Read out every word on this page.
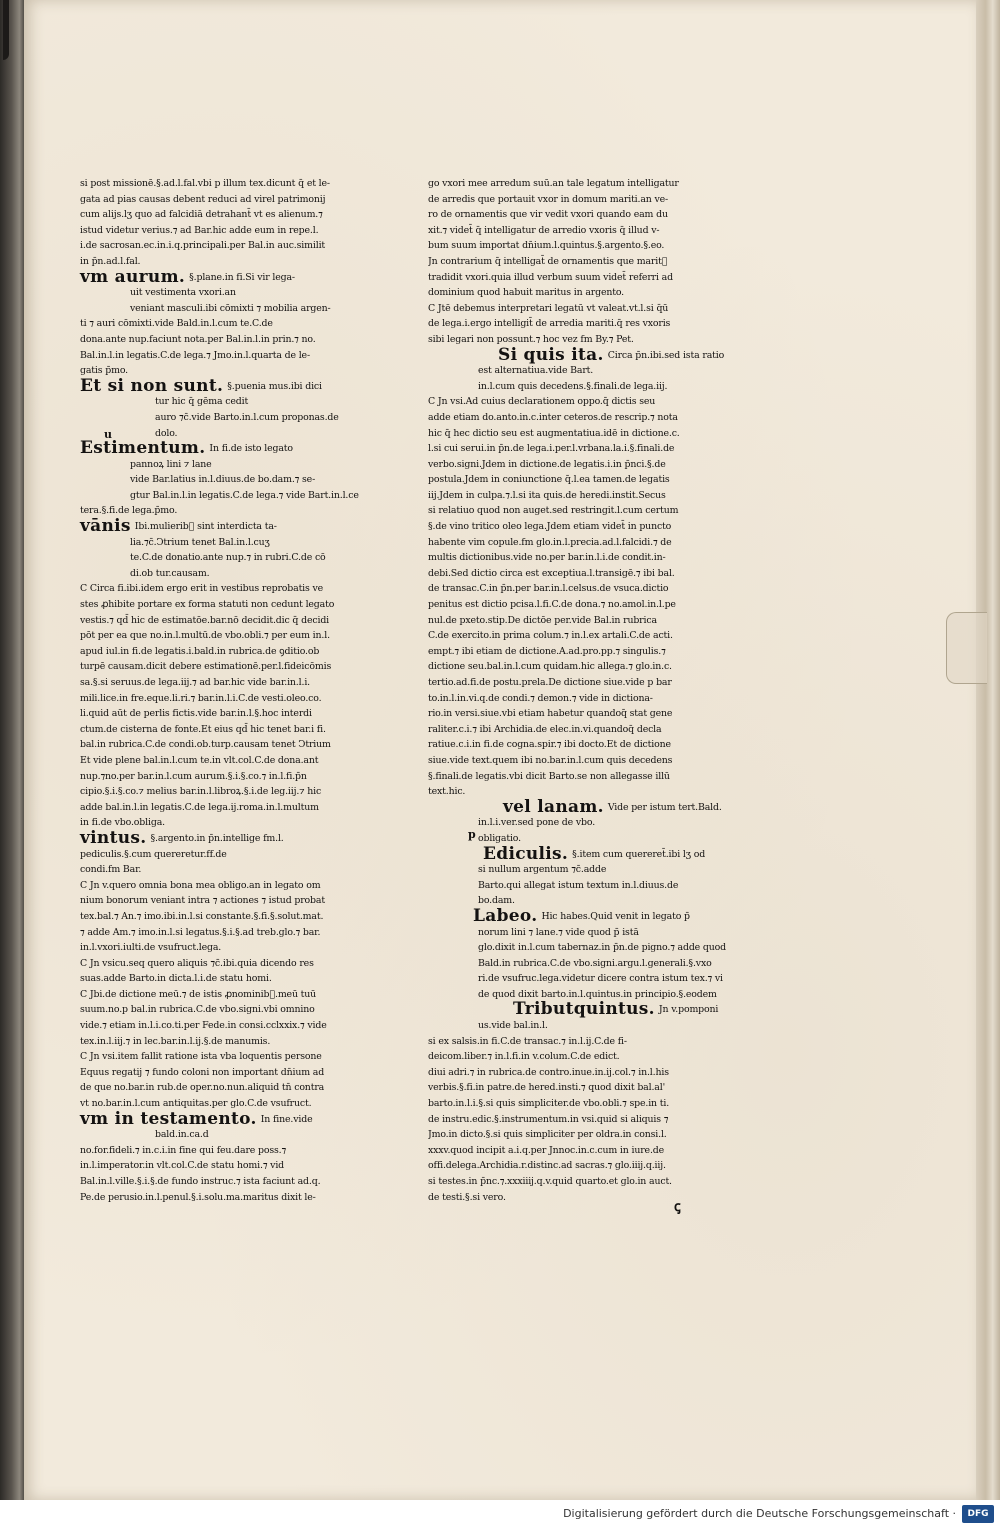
si post missionē.§.ad.l.fal.vbi p illum tex.dicunt q̄ et le-
gata ad pias causas debent reduci ad virel patrimonij
cum alijs.lʒ quo ad falcidiā detrahant̄ vt es alienum.⁊
istud videtur verius.⁊ ad Bar.hic adde eum in repe.l.
i.de sacrosan.ec.in.i.q.principali.per Bal.in auc.similit
in p̄n.ad.l.fal.
vm aurum. §.plane.in fi.Si vir lega-
uit vestimenta vxori.an
veniant masculi.ibi cōmixti ⁊ mobilia argen-
ti ⁊ auri cōmixti.vide Bald.in.l.cum te.C.de
dona.ante nup.faciunt nota.per Bal.in.l.in prin.⁊ no.
Bal.in.l.in legatis.C.de lega.⁊ Jmo.in.l.quarta de le-
gatis p̄mo.
Et si non sunt. §.puenia mus.ibi dici
tur hic q̄ gēma cedit
auro ⁊c̄.vide Barto.in.l.cum proponas.de
dolo.
Estimentum. In fi.de isto legato
pannoꝝ lini ⁊ lane
vide Bar.latius in.l.diuus.de bo.dam.⁊ se-
gtur Bal.in.l.in legatis.C.de lega.⁊ vide Bart.in.l.ce
tera.§.fi.de lega.p̄mo.
vānis Ibi.mulierib᷑ sint interdicta ta-
lia.⁊c̄.Ↄtrium tenet Bal.in.l.cuʒ
te.C.de donatio.ante nup.⁊ in rubri.C.de cō
di.ob tur.causam.
C Circa fi.ibi.idem ergo erit in vestibus reprobatis ve
stes ꝓhibite portare ex forma statuti non cedunt legato
vestis.⁊ qd̄ hic de estimatōe.bar.nō decidit.dic q̄ decidi
pōt per ea que no.in.l.multū.de vbo.obli.⁊ per eum in.l.
apud iul.in fi.de legatis.i.bald.in rubrica.de ꝯditio.ob
turpē causam.dicit debere estimationē.per.l.fideicōmis
sa.§.si seruus.de lega.iij.⁊ ad bar.hic vide bar.in.l.i.
mili.lice.in fre.eque.li.ri.⁊ bar.in.l.i.C.de vesti.oleo.co.
li.quid aūt de perlis fictis.vide bar.in.l.§.hoc interdi
ctum.de cisterna de fonte.Et eius qd̄ hic tenet bar.i fi.
bal.in rubrica.C.de condi.ob.turp.causam tenet Ↄtrium
Et vide plene bal.in.l.cum te.in vlt.col.C.de dona.ant
nup.⁊no.per bar.in.l.cum aurum.§.i.§.co.⁊ in.l.fi.p̄n
cipio.§.i.§.co.⁊ melius bar.in.l.libroꝝ.§.i.de leg.iij.⁊ hic
adde bal.in.l.in legatis.C.de lega.ij.roma.in.l.multum
in fi.de vbo.obliga.
vintus. §.argento.in p̄n.intellige fm.l.
pediculis.§.cum quereretur.ff.de
condi.fm Bar.
C Jn v.quero omnia bona mea obligo.an in legato om
nium bonorum veniant intra ⁊ actiones ⁊ istud probat
tex.bal.⁊ An.⁊ imo.ibi.in.l.si constante.§.fi.§.solut.mat.
⁊ adde Am.⁊ imo.in.l.si legatus.§.i.§.ad treb.glo.⁊ bar.
in.l.vxori.iulti.de vsufruct.lega.
C Jn vsicu.seq quero aliquis ⁊c̄.ibi.quia dicendo res
suas.adde Barto.in dicta.l.i.de statu homi.
C Jbi.de dictione meū.⁊ de istis ꝓnominib᷑.meū tuū
suum.no.p bal.in rubrica.C.de vbo.signi.vbi omnino
vide.⁊ etiam in.l.i.co.ti.per Fede.in consi.cclxxix.⁊ vide
tex.in.l.iij.⁊ in lec.bar.in.l.ij.§.de manumis.
C Jn vsi.item fallit ratione ista vba loquentis persone
Equus regatij ⁊ fundo coloni non important dn̄ium ad
de que no.bar.in rub.de oper.no.nun.aliquid tn̄ contra
vt no.bar.in.l.cum antiquitas.per glo.C.de vsufruct.
vm in testamento. In fine.vide
bald.in.ca.d
no.for.fideli.⁊ in.c.i.in fine qui feu.dare poss.⁊
in.l.imperator.in vlt.col.C.de statu homi.⁊ vid
Bal.in.l.ville.§.i.§.de fundo instruc.⁊ ista faciunt ad.q.
Pe.de perusio.in.l.penul.§.i.solu.ma.maritus dixit le-
u
go vxori mee arredum suū.an tale legatum intelligatur
de arredis que portauit vxor in domum mariti.an ve-
ro de ornamentis que vir vedit vxori quando eam du
xit.⁊ videt̄ q̄ intelligatur de arredio vxoris q̄ illud v-
bum suum importat dn̄ium.l.quintus.§.argento.§.eo.
Jn contrarium q̄ intelligat̄ de ornamentis que marit᷑
tradidit vxori.quia illud verbum suum videt̄ referri ad
dominium quod habuit maritus in argento.
C Jtē debemus interpretari legatū vt valeat.vt.l.si q̄ū
de lega.i.ergo intelligit̄ de arredia mariti.q̄ res vxoris
sibi legari non possunt.⁊ hoc vez fm By.⁊ Pet.
Si quis ita. Circa p̄n.ibi.sed ista ratio
est alternatiua.vide Bart.
in.l.cum quis decedens.§.finali.de lega.iij.
C Jn vsi.Ad cuius declarationem oppo.q̄ dictis seu
adde etiam do.anto.in.c.inter ceteros.de rescrip.⁊ nota
hic q̄ hec dictio seu est augmentatiua.idē in dictione.c.
l.si cui serui.in p̄n.de lega.i.per.l.vrbana.la.i.§.finali.de
verbo.signi.Jdem in dictione.de legatis.i.in p̄nci.§.de
postula.Jdem in coniunctione q̄.l.ea tamen.de legatis
iij.Jdem in culpa.⁊.l.si ita quis.de heredi.instit.Secus
si relatiuo quod non auget.sed restringit.l.cum certum
§.de vino tritico oleo lega.Jdem etiam videt̄ in puncto
habente vim copule.fm glo.in.l.precia.ad.l.falcidi.⁊ de
multis dictionibus.vide no.per bar.in.l.i.de condit.in-
debi.Sed dictio circa est exceptiua.l.transigē.⁊ ibi bal.
de transac.C.in p̄n.per bar.in.l.celsus.de vsuca.dictio
penitus est dictio pcisa.l.fi.C.de dona.⁊ no.amol.in.l.pe
nul.de pxeto.stip.De dictōe per.vide Bal.in rubrica
C.de exercito.in prima colum.⁊ in.l.ex artali.C.de acti.
empt.⁊ ibi etiam de dictione.A.ad.pro.pp.⁊ singulis.⁊
dictione seu.bal.in.l.cum quidam.hic allega.⁊ glo.in.c.
tertio.ad.fi.de postu.prela.De dictione siue.vide p bar
to.in.l.in.vi.q.de condi.⁊ demon.⁊ vide in dictiona-
rio.in versi.siue.vbi etiam habetur quandoq̄ stat gene
raliter.c.i.⁊ ibi Archidia.de elec.in.vi.quandoq̄ decla
ratiue.c.i.in fi.de cogna.spir.⁊ ibi docto.Et de dictione
siue.vide text.quem ibi no.bar.in.l.cum quis decedens
§.finali.de legatis.vbi dicit Barto.se non allegasse illū
text.hic.
vel lanam. Vide per istum tert.Bald.
in.l.i.ver.sed pone de vbo.
obligatio.
Ediculis. §.item cum quereret̄.ibi lʒ od
si nullum argentum ⁊c̄.adde
Barto.qui allegat istum textum in.l.diuus.de
bo.dam.
Labeo. Hic habes.Quid venit in legato p̄
norum lini ⁊ lane.⁊ vide quod p̄ istā
glo.dixit in.l.cum tabernaz.in p̄n.de pigno.⁊ adde quod
Bald.in rubrica.C.de vbo.signi.argu.l.generali.§.vxo
ri.de vsufruc.lega.videtur dicere contra istum tex.⁊ vi
de quod dixit barto.in.l.quintus.in principio.§.eodem
Tributquintus. Jn v.pomponi
us.vide bal.in.l.
si ex salsis.in fi.C.de transac.⁊ in.l.ij.C.de fi-
deicom.liber.⁊ in.l.fi.in v.colum.C.de edict.
diui adri.⁊ in rubrica.de contro.inue.in.ij.col.⁊ in.l.his
verbis.§.fi.in patre.de hered.insti.⁊ quod dixit bal.al'
barto.in.l.i.§.si quis simpliciter.de vbo.obli.⁊ spe.in ti.
de instru.edic.§.instrumentum.in vsi.quid si aliquis ⁊
Jmo.in dicto.§.si quis simpliciter per oldra.in consi.l.
xxxv.quod incipit a.i.q.per Jnnoc.in.c.cum in iure.de
offi.delega.Archidia.r.distinc.ad sacras.⁊ glo.iiij.q.iij.
si testes.in p̄nc.⁊.xxxiiij.q.v.quid quarto.et glo.in auct.
de testi.§.si vero.
p
ꞔ
Digitalisierung gefördert durch die Deutsche Forschungsgemeinschaft ·	DFG
